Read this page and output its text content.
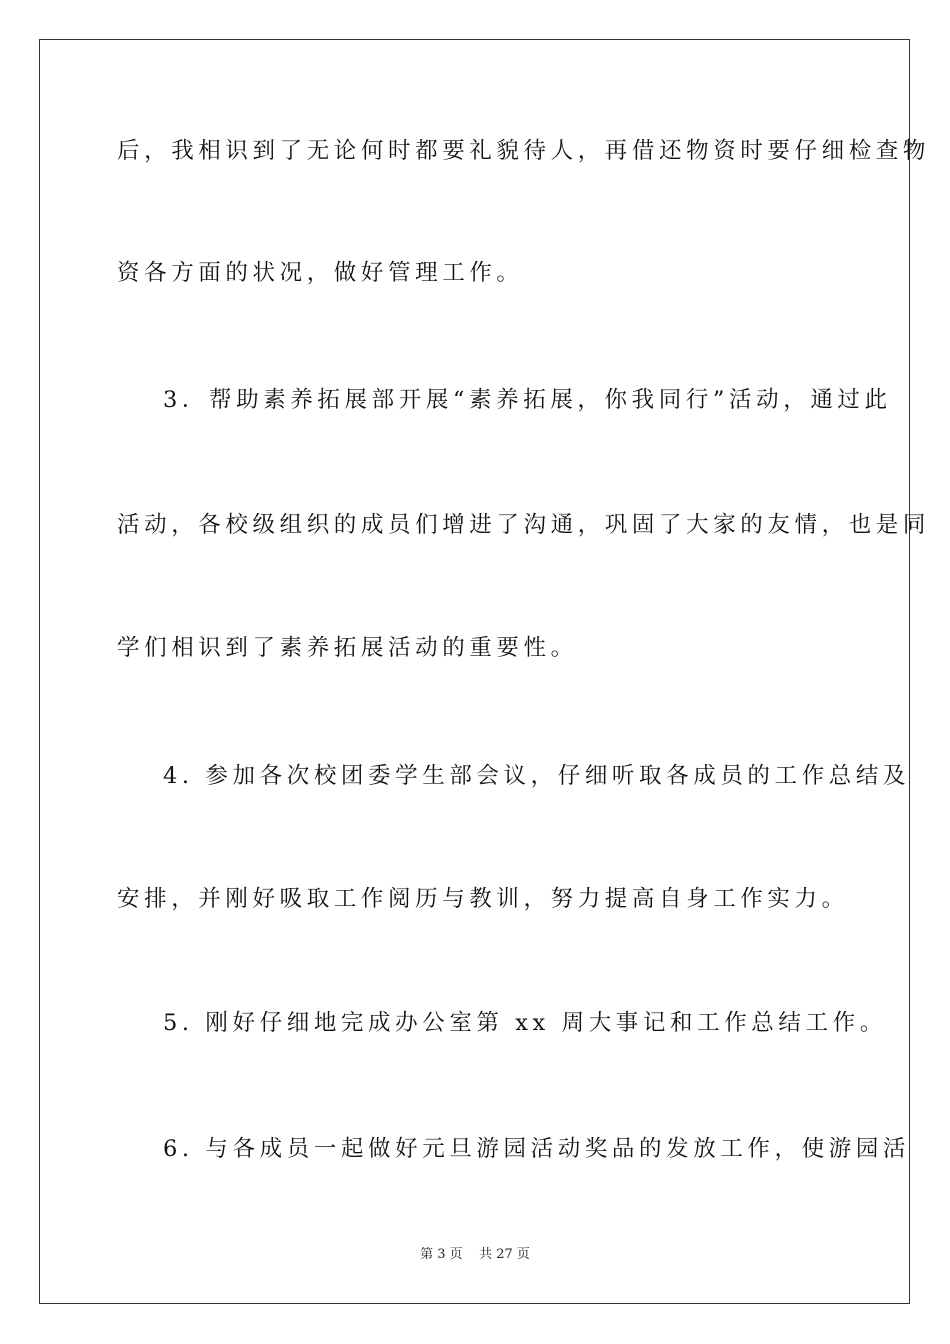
后，我相识到了无论何时都要礼貌待人，再借还物资时要仔细检查物
资各方面的状况，做好管理工作。
3．帮助素养拓展部开展“素养拓展，你我同行”活动，通过此
活动，各校级组织的成员们增进了沟通，巩固了大家的友情，也是同
学们相识到了素养拓展活动的重要性。
4. 参加各次校团委学生部会议，仔细听取各成员的工作总结及
安排，并刚好吸取工作阅历与教训，努力提高自身工作实力。
5. 刚好仔细地完成办公室第 xx 周大事记和工作总结工作。
6. 与各成员一起做好元旦游园活动奖品的发放工作，使游园活
第 3 页    共 27 页
